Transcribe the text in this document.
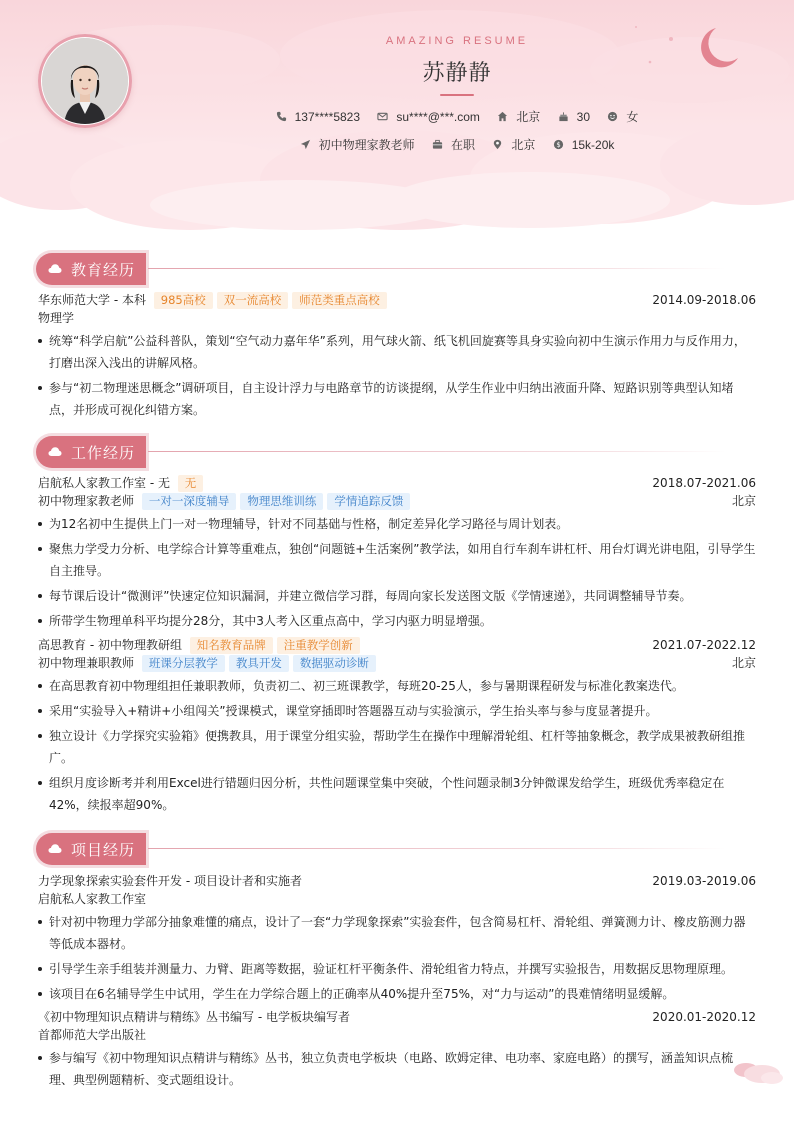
AMAZING RESUME
苏静静
137****5823	su****@***.com	北京	30	女
初中物理家教老师	在职	北京	$ 15k-20k
教育经历
华东师范大学 - 本科 985高校 双一流高校 师范类重点高校	2014.09-2018.06
物理学
统筹“科学启航”公益科普队，策划“空气动力嘉年华”系列，用气球火箭、纸飞机回旋赛等具身实验向初中生演示作用力与反作用力，打磨出深入浅出的讲解风格。
参与“初二物理迷思概念”调研项目，自主设计浮力与电路章节的访谈提纲，从学生作业中归纳出液面升降、短路识别等典型认知堵点，并形成可视化纠错方案。
工作经历
启航私人家教工作室 - 无 无	2018.07-2021.06
初中物理家教老师 一对一深度辅导 物理思维训练 学情追踪反馈	北京
为12名初中生提供上门一对一物理辅导，针对不同基础与性格，制定差异化学习路径与周计划表。
聚焦力学受力分析、电学综合计算等重难点，独创“问题链+生活案例”教学法，如用自行车刹车讲杠杆、用台灯调光讲电阻，引导学生自主推导。
每节课后设计“微测评”快速定位知识漏洞，并建立微信学习群，每周向家长发送图文版《学情速递》，共同调整辅导节奏。
所带学生物理单科平均提分28分，其中3人考入区重点高中，学习内驱力明显增强。
高思教育 - 初中物理教研组 知名教育品牌 注重教学创新	2021.07-2022.12
初中物理兼职教师 班课分层教学 教具开发 数据驱动诊断	北京
在高思教育初中物理组担任兼职教师，负责初二、初三班课教学，每班20-25人，参与暑期课程研发与标准化教案迭代。
采用“实验导入+精讲+小组闯关”授课模式，课堂穿插即时答题器互动与实验演示，学生抬头率与参与度显著提升。
独立设计《力学探究实验箱》便携教具，用于课堂分组实验，帮助学生在操作中理解滑轮组、杠杆等抽象概念，教学成果被教研组推广。
组织月度诊断考并利用Excel进行错题归因分析，共性问题课堂集中突破，个性问题录制3分钟微课发给学生，班级优秀率稳定在42%，续报率超90%。
项目经历
力学现象探索实验套件开发 - 项目设计者和实施者	2019.03-2019.06
启航私人家教工作室
针对初中物理力学部分抽象难懂的痛点，设计了一套“力学现象探索”实验套件，包含简易杠杆、滑轮组、弹簧测力计、橡皮筋测力器等低成本器材。
引导学生亲手组装并测量力、力臂、距离等数据，验证杠杆平衡条件、滑轮组省力特点，并撰写实验报告，用数据反思物理原理。
该项目在6名辅导学生中试用，学生在力学综合题上的正确率从40%提升至75%，对“力与运动”的畏难情绪明显缓解。
《初中物理知识点精讲与精练》丛书编写 - 电学板块编写者	2020.01-2020.12
首都师范大学出版社
参与编写《初中物理知识点精讲与精练》丛书，独立负责电学板块（电路、欧姆定律、电功率、家庭电路）的撰写，涵盖知识点梳理、典型例题精析、变式题组设计。
